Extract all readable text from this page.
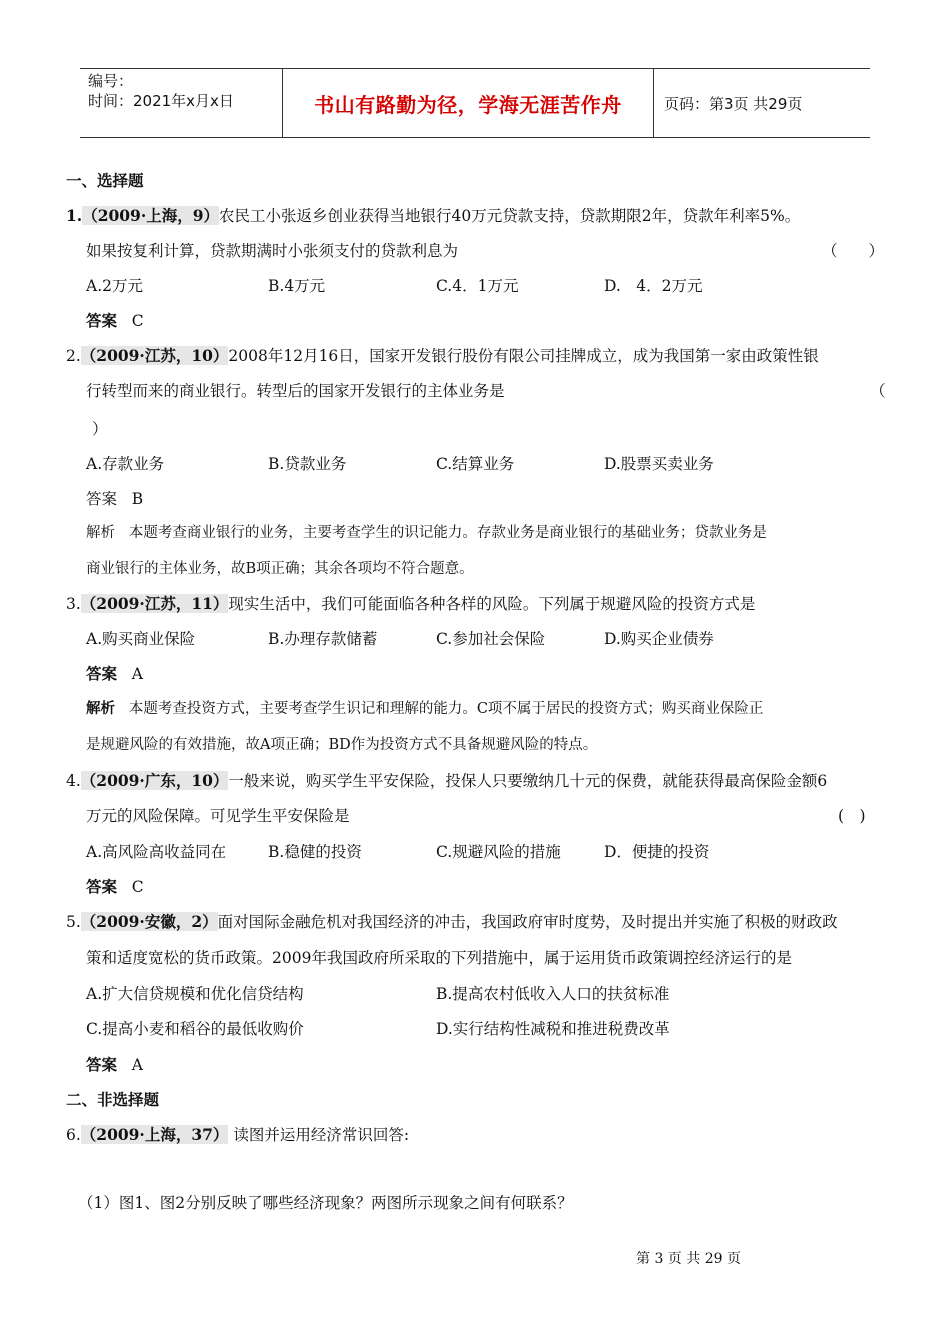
编号：
时间：2021年x月x日	书山有路勤为径，学海无涯苦作舟	页码：第3页 共29页
一、选择题
1.（2009·上海，9）农民工小张返乡创业获得当地银行40万元贷款支持，贷款期限2年，贷款年利率5%。
如果按复利计算，贷款期满时小张须支付的贷款利息为	（　　）
A.2万元	B.4万元	C.4．1万元	D.　4．2万元
答案 C
2.（2009·江苏，10）2008年12月16日，国家开发银行股份有限公司挂牌成立，成为我国第一家由政策性银
行转型而来的商业银行。转型后的国家开发银行的主体业务是	（
）
A.存款业务	B.贷款业务	C.结算业务	D.股票买卖业务
答案 B
解析 本题考查商业银行的业务，主要考查学生的识记能力。存款业务是商业银行的基础业务；贷款业务是
商业银行的主体业务，故B项正确；其余各项均不符合题意。
3.（2009·江苏，11）现实生活中，我们可能面临各种各样的风险。下列属于规避风险的投资方式是
A.购买商业保险	B.办理存款储蓄	C.参加社会保险	D.购买企业债券
答案 A
解析 本题考查投资方式，主要考查学生识记和理解的能力。C项不属于居民的投资方式；购买商业保险正
是规避风险的有效措施，故A项正确；BD作为投资方式不具备规避风险的特点。
4.（2009·广东，10）一般来说，购买学生平安保险，投保人只要缴纳几十元的保费，就能获得最高保险金额6
万元的风险保障。可见学生平安保险是	(　)
A.高风险高收益同在	B.稳健的投资	C.规避风险的措施	D．便捷的投资
答案 C
5.（2009·安徽，2）面对国际金融危机对我国经济的冲击，我国政府审时度势，及时提出并实施了积极的财政政
策和适度宽松的货币政策。2009年我国政府所采取的下列措施中，属于运用货币政策调控经济运行的是
A.扩大信贷规模和优化信贷结构	B.提高农村低收入人口的扶贫标准
C.提高小麦和稻谷的最低收购价	D.实行结构性减税和推进税费改革
答案 A
二、非选择题
6.（2009·上海，37） 读图并运用经济常识回答:
（1）图1、图2分别反映了哪些经济现象？两图所示现象之间有何联系？
第 3 页 共 29 页
